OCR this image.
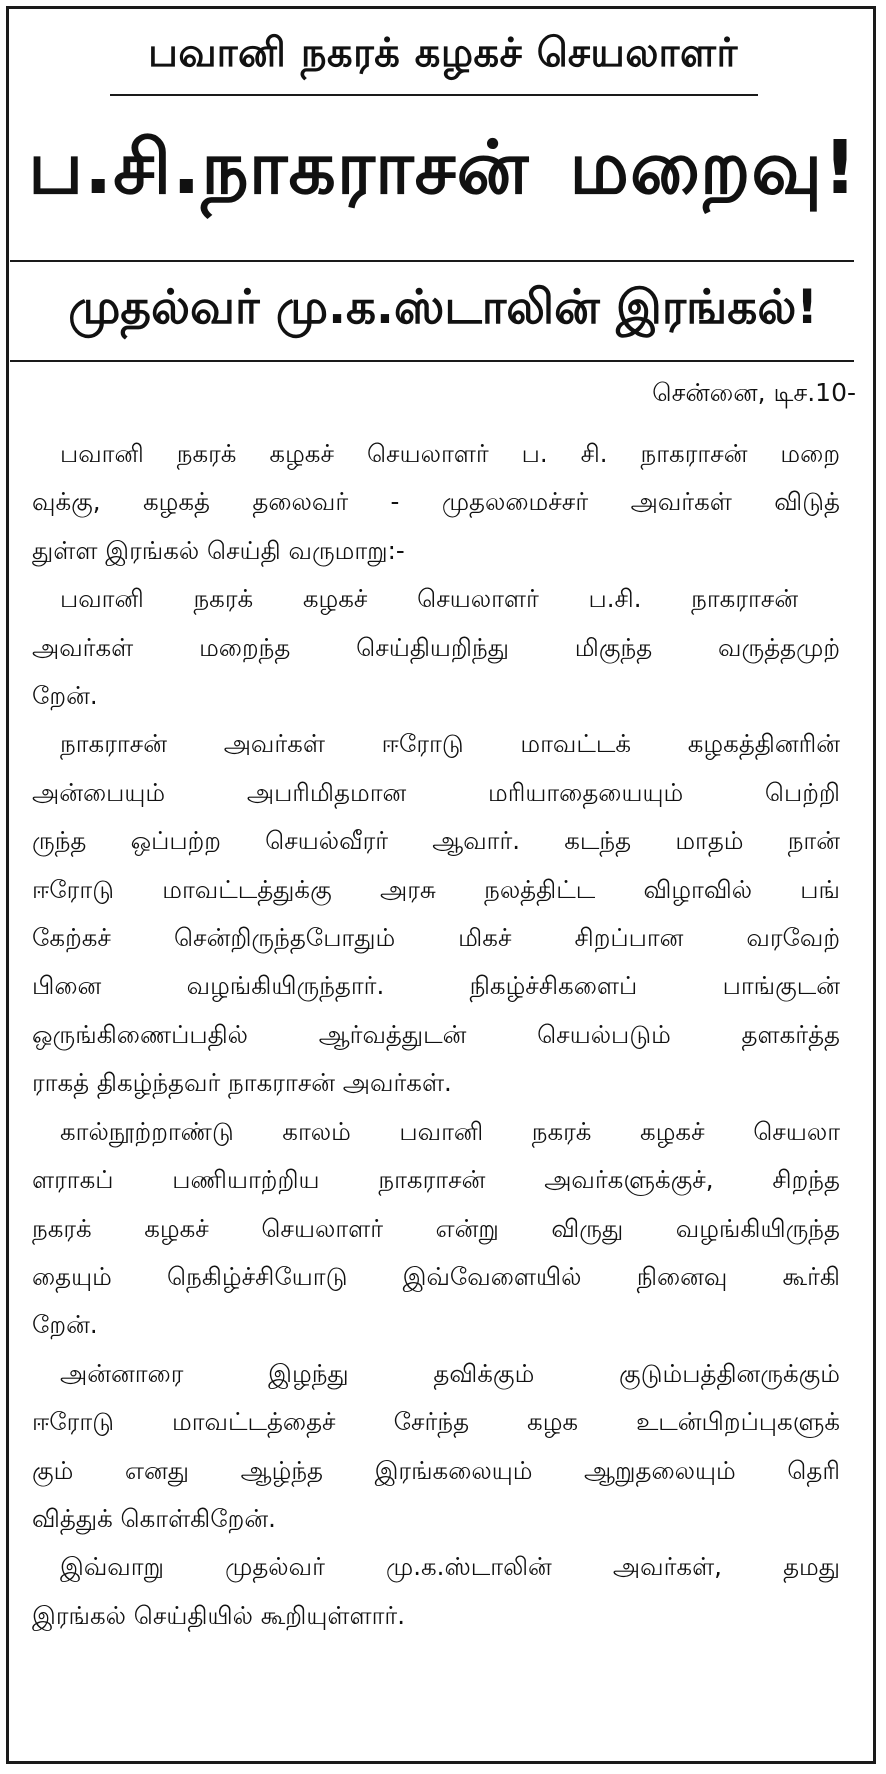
பவானி நகரக் கழகச் செயலாளர்
ப.சி.நாகராசன் மறைவு!
முதல்வர் மு.க.ஸ்டாலின் இரங்கல்!
சென்னை, டிச.10-
பவானி நகரக் கழகச் செயலாளர் ப. சி. நாகராசன் மறை
வுக்கு, கழகத் தலைவர் - முதலமைச்சர் அவர்கள் விடுத்
துள்ள இரங்கல் செய்தி வருமாறு:-
பவானி நகரக் கழகச் செயலாளர் ப.சி. நாகராசன்
அவர்கள் மறைந்த செய்தியறிந்து மிகுந்த வருத்தமுற்
றேன்.
நாகராசன் அவர்கள் ஈரோடு மாவட்டக் கழகத்தினரின்
அன்பையும் அபரிமிதமான மரியாதையையும் பெற்றி
ருந்த ஒப்பற்ற செயல்வீரர் ஆவார். கடந்த மாதம் நான்
ஈரோடு மாவட்டத்துக்கு அரசு நலத்திட்ட விழாவில் பங்
கேற்கச் சென்றிருந்தபோதும் மிகச் சிறப்பான வரவேற்
பினை வழங்கியிருந்தார். நிகழ்ச்சிகளைப் பாங்குடன்
ஒருங்கிணைப்பதில் ஆர்வத்துடன் செயல்படும் தளகர்த்த
ராகத் திகழ்ந்தவர் நாகராசன் அவர்கள்.
கால்நூற்றாண்டு காலம் பவானி நகரக் கழகச் செயலா
ளராகப் பணியாற்றிய நாகராசன் அவர்களுக்குச், சிறந்த
நகரக் கழகச் செயலாளர் என்று விருது வழங்கியிருந்த
தையும் நெகிழ்ச்சியோடு இவ்வேளையில் நினைவு கூர்கி
றேன்.
அன்னாரை இழந்து தவிக்கும் குடும்பத்தினருக்கும்
ஈரோடு மாவட்டத்தைச் சேர்ந்த கழக உடன்பிறப்புகளுக்
கும் எனது ஆழ்ந்த இரங்கலையும் ஆறுதலையும் தெரி
வித்துக் கொள்கிறேன்.
இவ்வாறு முதல்வர் மு.க.ஸ்டாலின் அவர்கள், தமது
இரங்கல் செய்தியில் கூறியுள்ளார்.
